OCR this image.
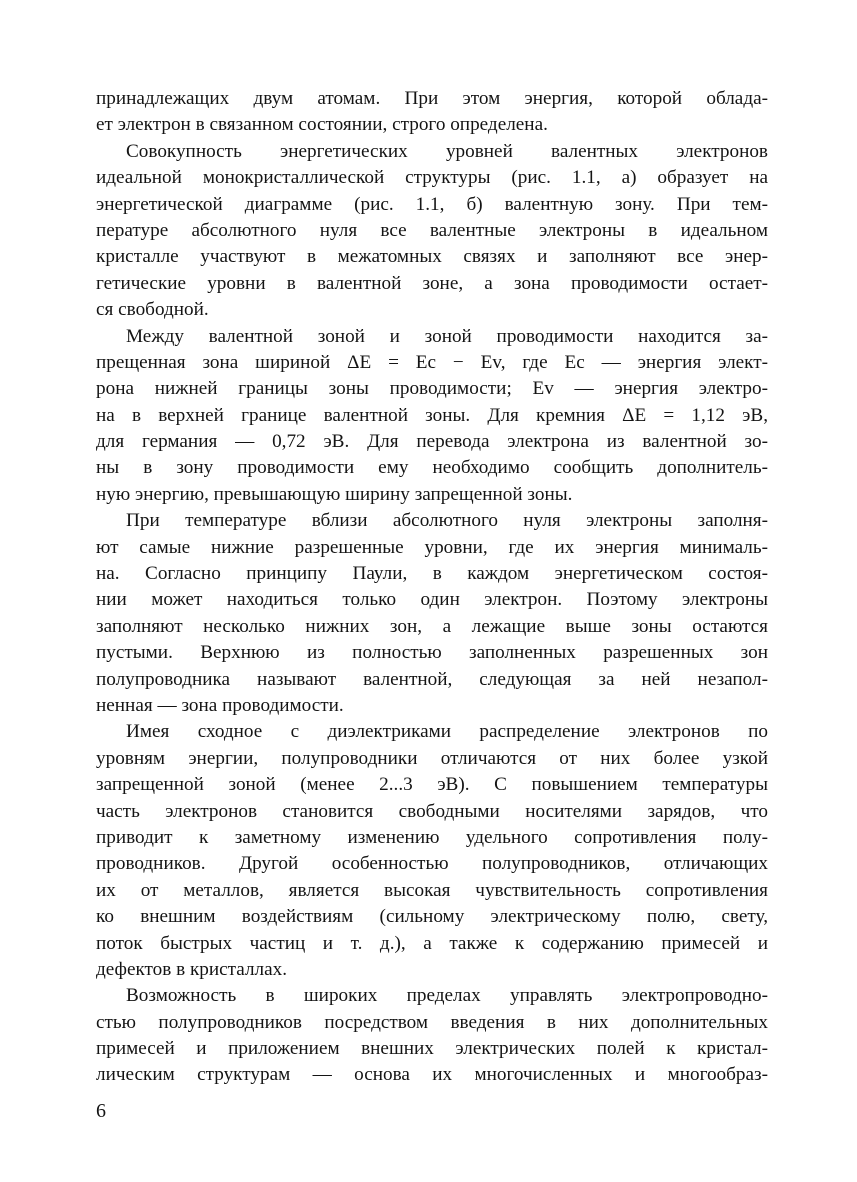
принадлежащих двум атомам. При этом энергия, которой облада-
ет электрон в связанном состоянии, строго определена.
Совокупность энергетических уровней валентных электронов
идеальной монокристаллической структуры (рис. 1.1, а) образует на
энергетической диаграмме (рис. 1.1, б) валентную зону. При тем-
пературе абсолютного нуля все валентные электроны в идеальном
кристалле участвуют в межатомных связях и заполняют все энер-
гетические уровни в валентной зоне, а зона проводимости остает-
ся свободной.
Между валентной зоной и зоной проводимости находится за-
прещенная зона шириной ΔE = Ec − Ev, где Ec — энергия элект-
рона нижней границы зоны проводимости; Ev — энергия электро-
на в верхней границе валентной зоны. Для кремния ΔE = 1,12 эВ,
для германия — 0,72 эВ. Для перевода электрона из валентной зо-
ны в зону проводимости ему необходимо сообщить дополнитель-
ную энергию, превышающую ширину запрещенной зоны.
При температуре вблизи абсолютного нуля электроны заполня-
ют самые нижние разрешенные уровни, где их энергия минималь-
на. Согласно принципу Паули, в каждом энергетическом состоя-
нии может находиться только один электрон. Поэтому электроны
заполняют несколько нижних зон, а лежащие выше зоны остаются
пустыми. Верхнюю из полностью заполненных разрешенных зон
полупроводника называют валентной, следующая за ней незапол-
ненная — зона проводимости.
Имея сходное с диэлектриками распределение электронов по
уровням энергии, полупроводники отличаются от них более узкой
запрещенной зоной (менее 2...3 эВ). С повышением температуры
часть электронов становится свободными носителями зарядов, что
приводит к заметному изменению удельного сопротивления полу-
проводников. Другой особенностью полупроводников, отличающих
их от металлов, является высокая чувствительность сопротивления
ко внешним воздействиям (сильному электрическому полю, свету,
поток быстрых частиц и т. д.), а также к содержанию примесей и
дефектов в кристаллах.
Возможность в широких пределах управлять электропроводно-
стью полупроводников посредством введения в них дополнительных
примесей и приложением внешних электрических полей к кристал-
лическим структурам — основа их многочисленных и многообраз-
6
